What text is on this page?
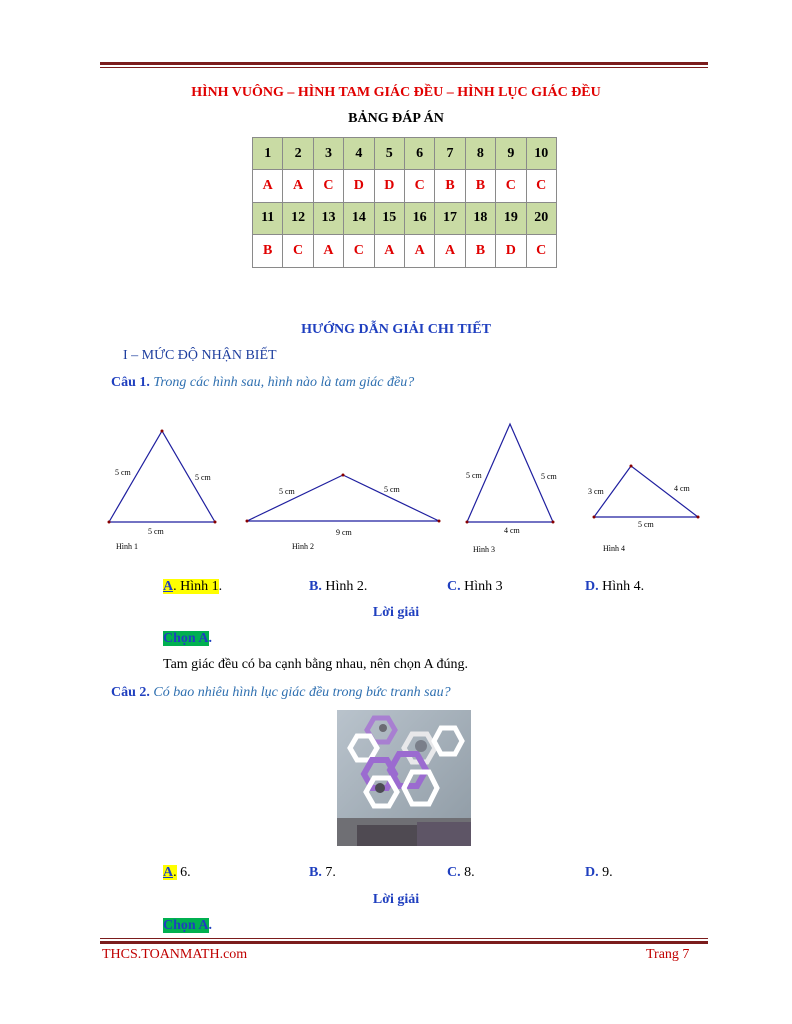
HÌNH VUÔNG – HÌNH TAM GIÁC ĐỀU – HÌNH LỤC GIÁC ĐỀU
BẢNG ĐÁP ÁN
1	2	3	4	5	6	7	8	9	10
A	A	C	D	D	C	B	B	C	C
11	12	13	14	15	16	17	18	19	20
B	C	A	C	A	A	A	B	D	C
HƯỚNG DẪN GIẢI CHI TIẾT
I – MỨC ĐỘ NHẬN BIẾT
Câu 1. Trong các hình sau, hình nào là tam giác đều?
5 cm
5 cm
5 cm
Hình 1
5 cm	5 cm
9 cm
Hình 2
5 cm	5 cm
4 cm
Hình 3
3 cm	4 cm
5 cm
Hình 4
A. Hình 1.	B. Hình 2.	C. Hình 3	D. Hình 4.
Lời giải
Chọn A.
Tam giác đều có ba cạnh bằng nhau, nên chọn A đúng.
Câu 2. Có bao nhiêu hình lục giác đều trong bức tranh sau?
A. 6.	B. 7.	C. 8.	D. 9.
Lời giải
Chọn A.
THCS.TOANMATH.com	Trang 7
